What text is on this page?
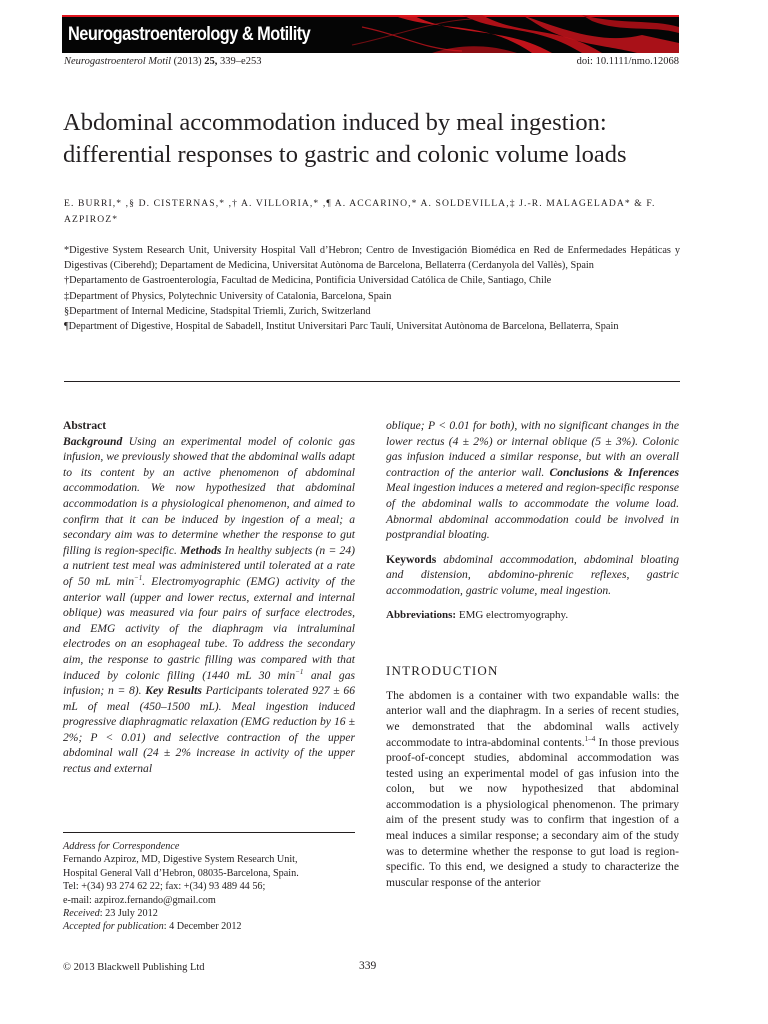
Neurogastroenterology & Motility
Neurogastroenterol Motil (2013) 25, 339–e253	doi: 10.1111/nmo.12068
Abdominal accommodation induced by meal ingestion:
differential responses to gastric and colonic volume loads
E. BURRI,* ,§ D. CISTERNAS,* ,† A. VILLORIA,* ,¶ A. ACCARINO,* A. SOLDEVILLA,‡ J.-R. MALAGELADA* & F.
AZPIROZ*

*Digestive System Research Unit, University Hospital Vall d’Hebron; Centro de Investigación Biomédica en Red de Enfermedades Hepáticas y Digestivas (Ciberehd); Departament de Medicina, Universitat Autònoma de Barcelona, Bellaterra (Cerdanyola del Vallès), Spain

†Departamento de Gastroenterología, Facultad de Medicina, Pontificia Universidad Católica de Chile, Santiago, Chile

‡Department of Physics, Polytechnic University of Catalonia, Barcelona, Spain

§Department of Internal Medicine, Stadspital Triemli, Zurich, Switzerland

¶Department of Digestive, Hospital de Sabadell, Institut Universitari Parc Taulí, Universitat Autònoma de Barcelona, Bellaterra, Spain

Abstract

Background Using an experimental model of colonic gas infusion, we previously showed that the abdominal walls adapt to its content by an active phenomenon of abdominal accommodation. We now hypothesized that abdominal accommodation is a physiological phenomenon, and aimed to confirm that it can be induced by ingestion of a meal; a secondary aim was to determine whether the response to gut filling is region-specific. Methods In healthy subjects (n = 24) a nutrient test meal was administered until tolerated at a rate of 50 mL $\min^{-1}$. Electromyographic (EMG) activity of the anterior wall (upper and lower rectus, external and internal oblique) was measured via four pairs of surface electrodes, and EMG activity of the diaphragm via intraluminal electrodes on an esophageal tube. To address the secondary aim, the response to gastric filling was compared with that induced by colonic filling (1440 mL 30 $\min^{-1}$ anal gas infusion; n = 8). Key Results Participants tolerated 927 ± 66 mL of meal (450–1500 mL). Meal ingestion induced progressive diaphragmatic relaxation (EMG reduction by 16 ± 2%; P < 0.01) and selective contraction of the upper abdominal wall (24 ± 2% increase in activity of the upper rectus and external

oblique; P < 0.01 for both), with no significant changes in the lower rectus (4 ± 2%) or internal oblique (5 ± 3%). Colonic gas infusion induced a similar response, but with an overall contraction of the anterior wall. Conclusions & Inferences Meal ingestion induces a metered and region-specific response of the abdominal walls to accommodate the volume load. Abnormal abdominal accommodation could be involved in postprandial bloating.

Keywords abdominal accommodation, abdominal bloating and distension, abdomino-phrenic reflexes, gastric accommodation, gastric volume, meal ingestion.

Abbreviations: EMG electromyography.

INTRODUCTION

The abdomen is a container with two expandable walls: the anterior wall and the diaphragm. In a series of recent studies, we demonstrated that the abdominal walls actively accommodate to intra-abdominal contents.$^{1-4}$ In those previous proof-of-concept studies, abdominal accommodation was tested using an experimental model of gas infusion into the colon, but we now hypothesized that abdominal accommodation is a physiological phenomenon. The primary aim of the present study was to confirm that ingestion of a meal induces a similar response; a secondary aim of the study was to determine whether the response to gut load is region-specific. To this end, we designed a study to characterize the muscular response of the anterior

Address for Correspondence

Fernando Azpiroz, MD, Digestive System Research Unit,

Hospital General Vall d’Hebron, 08035-Barcelona, Spain.

Tel: +(34) 93 274 62 22; fax: +(34) 93 489 44 56;

e-mail: azpiroz.fernando@gmail.com

Received: 23 July 2012

Accepted for publication: 4 December 2012

© 2013 Blackwell Publishing Ltd	339
